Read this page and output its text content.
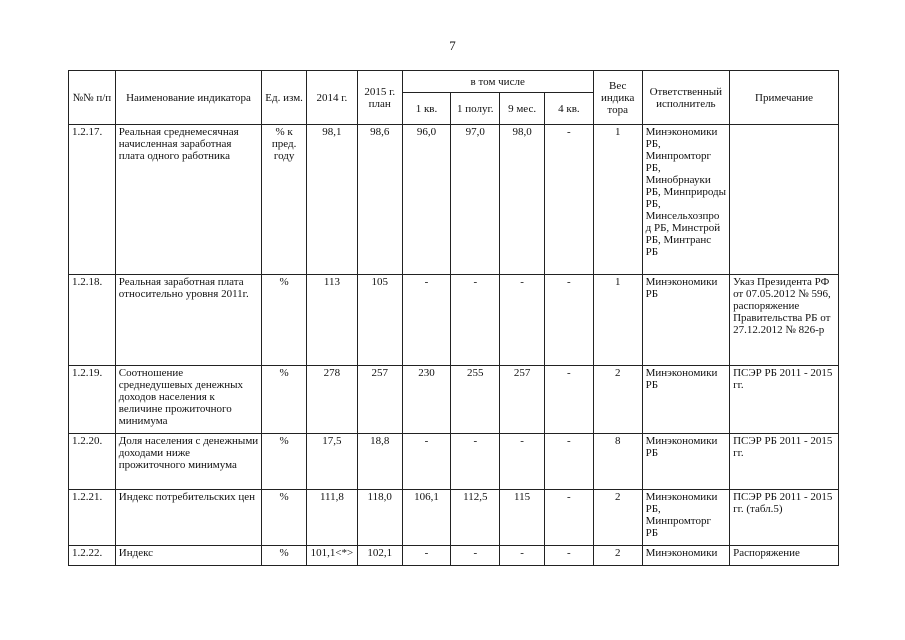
7
№№ п/п	Наименование индикатора	Ед. изм.	2014 г.	2015 г. план	в том числе				Вес индика тора	Ответственный исполнитель	Примечание
					1 кв.	1 полуг.	9 мес.	4 кв.			
1.2.17.	Реальная среднемесячная начисленная заработная плата одного работника	% к пред. году	98,1	98,6	96,0	97,0	98,0	-	1	Минэкономики РБ, Минпромторг РБ, Минобрнауки РБ, Минприроды РБ, Минсельхозпро д РБ, Минстрой РБ, Минтранс РБ	
1.2.18.	Реальная заработная плата относительно уровня 2011г.	%	113	105	-	-	-	-	1	Минэкономики РБ	Указ Президента РФ от 07.05.2012 № 596, распоряжение Правительства РБ от 27.12.2012 № 826-р
1.2.19.	Соотношение среднедушевых денежных доходов населения к величине прожиточного минимума	%	278	257	230	255	257	-	2	Минэкономики РБ	ПСЭР РБ 2011 - 2015 гг.
1.2.20.	Доля населения с денежными доходами ниже прожиточного минимума	%	17,5	18,8	-	-	-	-	8	Минэкономики РБ	ПСЭР РБ 2011 - 2015 гг.
1.2.21.	Индекс потребительских цен	%	111,8	118,0	106,1	112,5	115	-	2	Минэкономики РБ, Минпромторг РБ	ПСЭР РБ 2011 - 2015 гг. (табл.5)
1.2.22.	Индекс	%	101,1<*>	102,1	-	-	-	-	2	Минэкономики	Распоряжение
